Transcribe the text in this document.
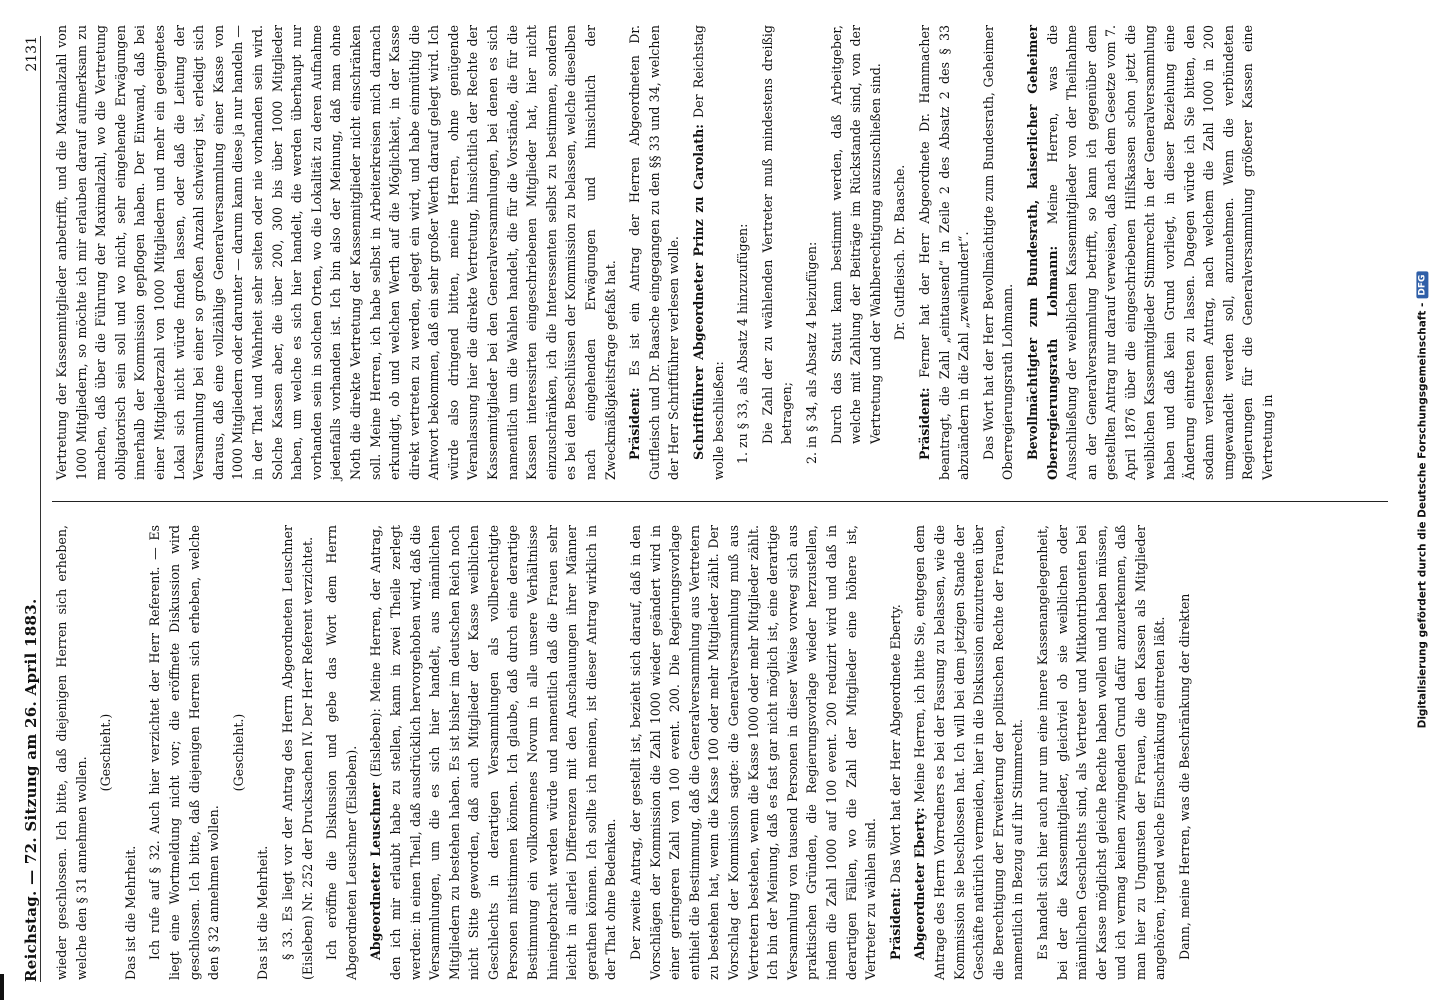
Reichstag. — 72. Sitzung am 26. April 1883.
2131

wieder geschlossen. Ich bitte, daß diejenigen Herren sich erheben, welche den § 31 annehmen wollen.

(Geschieht.)

Das ist die Mehrheit. Ich rufe auf § 32. Auch hier verzichtet der Herr Referent. — Es liegt eine Wortmeldung nicht vor; die eröffnete Diskussion wird geschlossen. Ich bitte, daß diejenigen Herren sich erheben, welche den § 32 annehmen wollen.

(Geschieht.)

Das ist die Mehrheit. § 33. Es liegt vor der Antrag des Herrn Abgeordneten Leuschner (Eisleben) Nr. 252 der Drucksachen IV. Der Herr Referent verzichtet. Ich eröffne die Diskussion und gebe das Wort dem Herrn Abgeordneten Leuschner (Eisleben). Abgeordneter Leuschner (Eisleben): Meine Herren, der Antrag, den ich mir erlaubt habe zu stellen, kann in zwei Theile zerlegt werden: in einen Theil, daß ausdrücklich hervorgehoben wird, daß die Versammlungen, um die es sich hier handelt, aus männlichen Mitgliedern zu bestehen haben. Es ist bisher im deutschen Reich noch nicht Sitte geworden, daß auch Mitglieder der Kasse weiblichen Geschlechts in derartigen Versammlungen als vollberechtigte Personen mitstimmen können. Ich glaube, daß durch eine derartige Bestimmung ein vollkommenes Novum in alle unsere Verhältnisse hineingebracht werden würde und namentlich daß die Frauen sehr leicht in allerlei Differenzen mit den Anschauungen ihrer Männer gerathen können. Ich sollte ich meinen, ist dieser Antrag wirklich in der That ohne Bedenken. Der zweite Antrag, der gestellt ist, bezieht sich darauf, daß in den Vorschlägen der Kommission die Zahl 1000 wieder geändert wird in einer geringeren Zahl von 100 event. 200. Die Regierungsvorlage enthielt die Bestimmung, daß die Generalversammlung aus Vertretern zu bestehen hat, wenn die Kasse 100 oder mehr Mitglieder zählt. Der Vorschlag der Kommission sagte: die Generalversammlung muß aus Vertretern bestehen, wenn die Kasse 1000 oder mehr Mitglieder zählt. Ich bin der Meinung, daß es fast gar nicht möglich ist, eine derartige Versammlung von tausend Personen in dieser Weise vorweg sich aus praktischen Gründen, die Regierungsvorlage wieder herzustellen, indem die Zahl 1000 auf 100 event. 200 reduzirt wird und daß in derartigen Fällen, wo die Zahl der Mitglieder eine höhere ist, Vertreter zu wählen sind. Präsident: Das Wort hat der Herr Abgeordnete Eberty. Abgeordneter Eberty: Meine Herren, ich bitte Sie, entgegen dem Antrage des Herrn Vorredners es bei der Fassung zu belassen, wie die Kommission sie beschlossen hat. Ich will bei dem jetzigen Stande der Geschäfte natürlich vermeiden, hier in die Diskussion einzutreten über die Berechtigung der Erweiterung der politischen Rechte der Frauen, namentlich in Bezug auf ihr Stimmrecht. Es handelt sich hier auch nur um eine innere Kassenangelegenheit, bei der die Kassenmitglieder, gleichviel ob sie weiblichen oder männlichen Geschlechts sind, als Vertreter und Mitkontribuenten bei der Kasse möglichst gleiche Rechte haben wollen und haben müssen, und ich vermag keinen zwingenden Grund dafür anzuerkennen, daß man hier zu Ungunsten der Frauen, die den Kassen als Mitglieder angehören, irgend welche Einschränkung eintreten läßt. Dann, meine Herren, was die Beschränkung der direkten

Vertretung der Kassenmitglieder anbetrifft, und die Maximalzahl von 1000 Mitgliedern, so möchte ich mir erlauben darauf aufmerksam zu machen, daß über die Führung der Maximalzahl, wo die Vertretung obligatorisch sein soll und wo nicht, sehr eingehende Erwägungen innerhalb der Kommission gepflogen haben. Der Einwand, daß bei einer Mitgliederzahl von 1000 Mitgliedern und mehr ein geeignetes Lokal sich nicht würde finden lassen, oder daß die Leitung der Versammlung bei einer so großen Anzahl schwierig ist, erledigt sich daraus, daß eine vollzählige Generalversammlung einer Kasse von 1000 Mitgliedern oder darunter — darum kann diese ja nur handeln — in der That und Wahrheit sehr selten oder nie vorhanden sein wird. Solche Kassen aber, die über 200, 300 bis über 1000 Mitglieder haben, um welche es sich hier handelt, die werden überhaupt nur vorhanden sein in solchen Orten, wo die Lokalität zu deren Aufnahme jedenfalls vorhanden ist. Ich bin also der Meinung, daß man ohne Noth die direkte Vertretung der Kassenmitglieder nicht einschränken soll. Meine Herren, ich habe selbst in Arbeiterkreisen mich darnach erkundigt, ob und welchen Werth auf die Möglichkeit, in der Kasse direkt vertreten zu werden, gelegt ein wird, und habe einmüthig die Antwort bekommen, daß ein sehr großer Werth darauf gelegt wird. Ich würde also dringend bitten, meine Herren, ohne genügende Veranlassung hier die direkte Vertretung, hinsichtlich der Rechte der Kassenmitglieder bei den Generalversammlungen, bei denen es sich namentlich um die Wahlen handelt, die für die Vorstände, die für die Kassen interessirten eingeschriebenen Mitglieder hat, hier nicht einzuschränken, ich die Interessenten selbst zu bestimmen, sondern es bei den Beschlüssen der Kommission zu belassen, welche dieselben nach eingehenden Erwägungen und hinsichtlich der Zweckmäßigkeitsfrage gefaßt hat. Präsident: Es ist ein Antrag der Herren Abgeordneten Dr. Gutfleisch und Dr. Baasche eingegangen zu den §§ 33 und 34, welchen der Herr Schriftführer verlesen wolle. Schriftführer Abgeordneter Prinz zu Carolath: Der Reichstag wolle beschließen: 1. zu § 33, als Absatz 4 hinzuzufügen: Die Zahl der zu wählenden Vertreter muß mindestens dreißig betragen; 2. in § 34, als Absatz 4 beizufügen: Durch das Statut kann bestimmt werden, daß Arbeitgeber, welche mit Zahlung der Beiträge im Rückstande sind, von der Vertretung und der Wahlberechtigung auszuschließen sind. Dr. Gutfleisch. Dr. Baasche.

Präsident: Ferner hat der Herr Abgeordnete Dr. Hammacher beantragt, die Zahl „eintausend“ in Zeile 2 des Absatz 2 des § 33 abzuändern in die Zahl „zweihundert“. Das Wort hat der Herr Bevollmächtigte zum Bundesrath, Geheimer Oberregierungsrath Lohmann. Bevollmächtigter zum Bundesrath, kaiserlicher Geheimer Oberregierungsrath Lohmann: Meine Herren, was die Ausschließung der weiblichen Kassenmitglieder von der Theilnahme an der Generalversammlung betrifft, so kann ich gegenüber dem gestellten Antrag nur darauf verweisen, daß nach dem Gesetze vom 7. April 1876 über die eingeschriebenen Hilfskassen schon jetzt die weiblichen Kassenmitglieder Stimmrecht in der Generalversammlung haben und daß kein Grund vorliegt, in dieser Beziehung eine Änderung eintreten zu lassen. Dagegen würde ich Sie bitten, den sodann verlesenen Antrag, nach welchem die Zahl 1000 in 200 umgewandelt werden soll, anzunehmen. Wenn die verbündeten Regierungen für die Generalversammlung größerer Kassen eine Vertretung in	Digitalisierung gefördert durch die Deutsche Forschungsgemeinschaft -
DFG
